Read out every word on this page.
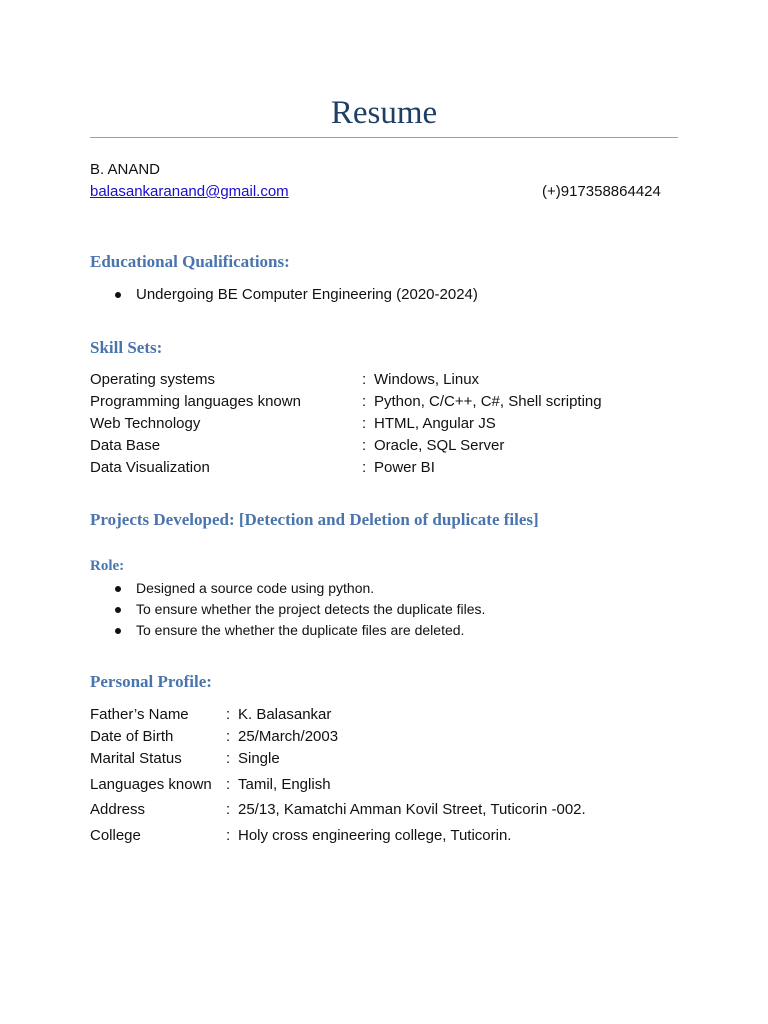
Resume
B. ANAND
balasankaranand@gmail.com	(+)917358864424
Educational Qualifications:
Undergoing BE Computer Engineering (2020-2024)
Skill Sets:
Operating systems	: Windows, Linux
Programming languages known	: Python, C/C++, C#, Shell scripting
Web Technology	: HTML, Angular JS
Data Base	: Oracle, SQL Server
Data Visualization	: Power BI
Projects Developed: [Detection and Deletion of duplicate files]
Role:
Designed a source code using python.
To ensure whether the project detects the duplicate files.
To ensure the whether the duplicate files are deleted.
Personal Profile:
Father’s Name : K. Balasankar
Date of Birth	: 25/March/2003
Marital Status	: Single
Languages known : Tamil, English
Address	: 25/13, Kamatchi Amman Kovil Street, Tuticorin -002.
College	: Holy cross engineering college, Tuticorin.
